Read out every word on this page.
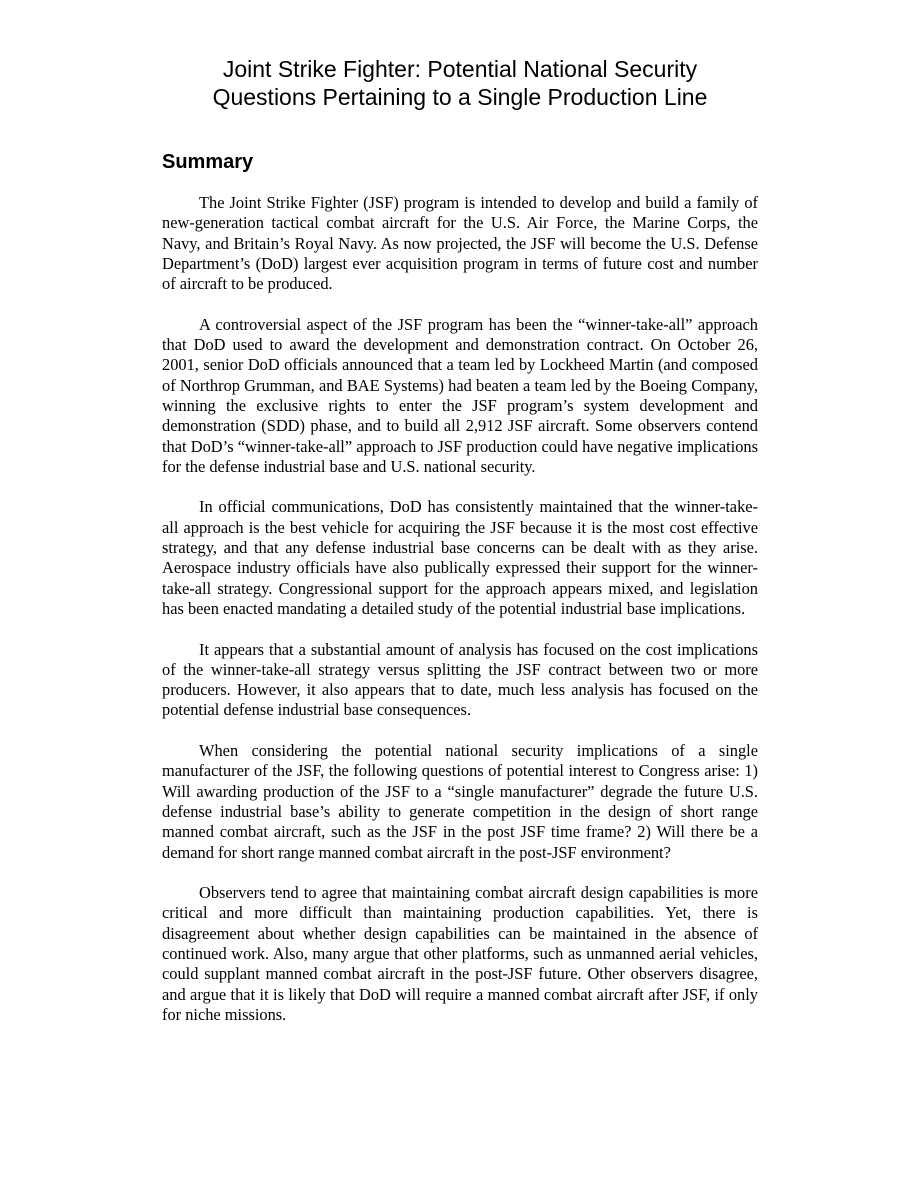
Joint Strike Fighter: Potential National Security
Questions Pertaining to a Single Production Line
Summary

The Joint Strike Fighter (JSF) program is intended to develop and build a family of new-generation tactical combat aircraft for the U.S. Air Force, the Marine Corps, the Navy, and Britain’s Royal Navy. As now projected, the JSF will become the U.S. Defense Department’s (DoD) largest ever acquisition program in terms of future cost and number of aircraft to be produced.

A controversial aspect of the JSF program has been the “winner-take-all” approach that DoD used to award the development and demonstration contract. On October 26, 2001, senior DoD officials announced that a team led by Lockheed Martin (and composed of Northrop Grumman, and BAE Systems) had beaten a team led by the Boeing Company, winning the exclusive rights to enter the JSF program’s system development and demonstration (SDD) phase, and to build all 2,912 JSF aircraft. Some observers contend that DoD’s “winner-take-all” approach to JSF production could have negative implications for the defense industrial base and U.S. national security.

In official communications, DoD has consistently maintained that the winner-take-all approach is the best vehicle for acquiring the JSF because it is the most cost effective strategy, and that any defense industrial base concerns can be dealt with as they arise. Aerospace industry officials have also publically expressed their support for the winner-take-all strategy. Congressional support for the approach appears mixed, and legislation has been enacted mandating a detailed study of the potential industrial base implications.

It appears that a substantial amount of analysis has focused on the cost implications of the winner-take-all strategy versus splitting the JSF contract between two or more producers. However, it also appears that to date, much less analysis has focused on the potential defense industrial base consequences.

When considering the potential national security implications of a single manufacturer of the JSF, the following questions of potential interest to Congress arise: 1) Will awarding production of the JSF to a “single manufacturer” degrade the future U.S. defense industrial base’s ability to generate competition in the design of short range manned combat aircraft, such as the JSF in the post JSF time frame? 2) Will there be a demand for short range manned combat aircraft in the post-JSF environment?

Observers tend to agree that maintaining combat aircraft design capabilities is more critical and more difficult than maintaining production capabilities. Yet, there is disagreement about whether design capabilities can be maintained in the absence of continued work. Also, many argue that other platforms, such as unmanned aerial vehicles, could supplant manned combat aircraft in the post-JSF future. Other observers disagree, and argue that it is likely that DoD will require a manned combat aircraft after JSF, if only for niche missions.
